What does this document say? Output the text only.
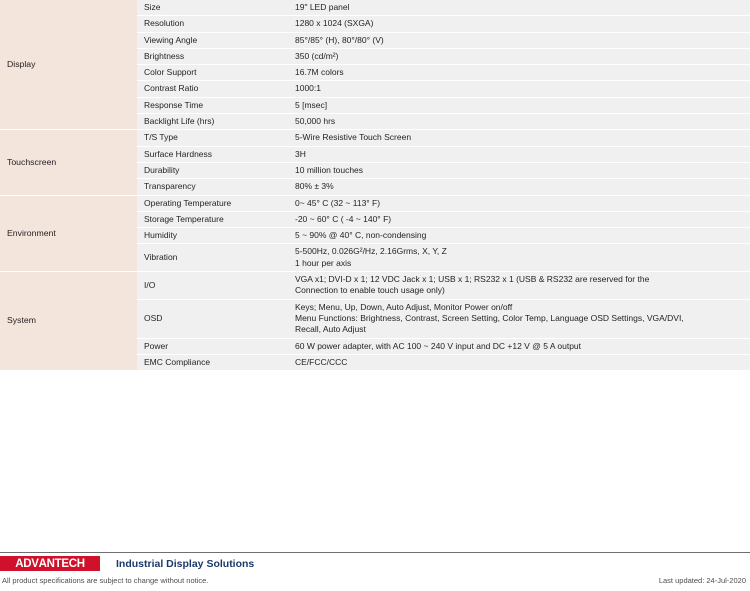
Display	Size	19" LED panel

	Resolution	1280 x 1024 (SXGA)

	Viewing Angle	85°/85° (H), 80°/80° (V)

	Brightness	350 (cd/m²)

	Color Support	16.7M colors

	Contrast Ratio	1000:1

	Response Time	5 [msec]

	Backlight Life (hrs)	50,000 hrs

Touchscreen	T/S Type	5-Wire Resistive Touch Screen

	Surface Hardness	3H

	Durability	10 million touches

	Transparency	80% ± 3%

Environment	Operating Temperature	0~ 45° C (32 ~ 113° F)

	Storage Temperature	-20 ~ 60° C ( -4 ~ 140° F)

	Humidity	5 ~ 90% @ 40° C, non-condensing

	Vibration	5-500Hz, 0.026G²/Hz, 2.16Grms, X, Y, Z
1 hour per axis

System	I/O	VGA x1; DVI-D x 1; 12 VDC Jack x 1; USB x 1; RS232 x 1 (USB & RS232 are reserved for the
Connection to enable touch usage only)

	OSD	Keys; Menu, Up, Down, Auto Adjust, Monitor Power on/off
Menu Functions: Brightness, Contrast, Screen Setting, Color Temp, Language OSD Settings, VGA/DVI,
Recall, Auto Adjust

	Power	60 W power adapter, with AC 100 ~ 240 V input and DC +12 V @ 5 A output

	EMC Compliance	CE/FCC/CCC
ADVANTECH	Industrial Display Solutions
All product specifications are subject to change without notice.	Last updated: 24-Jul-2020
